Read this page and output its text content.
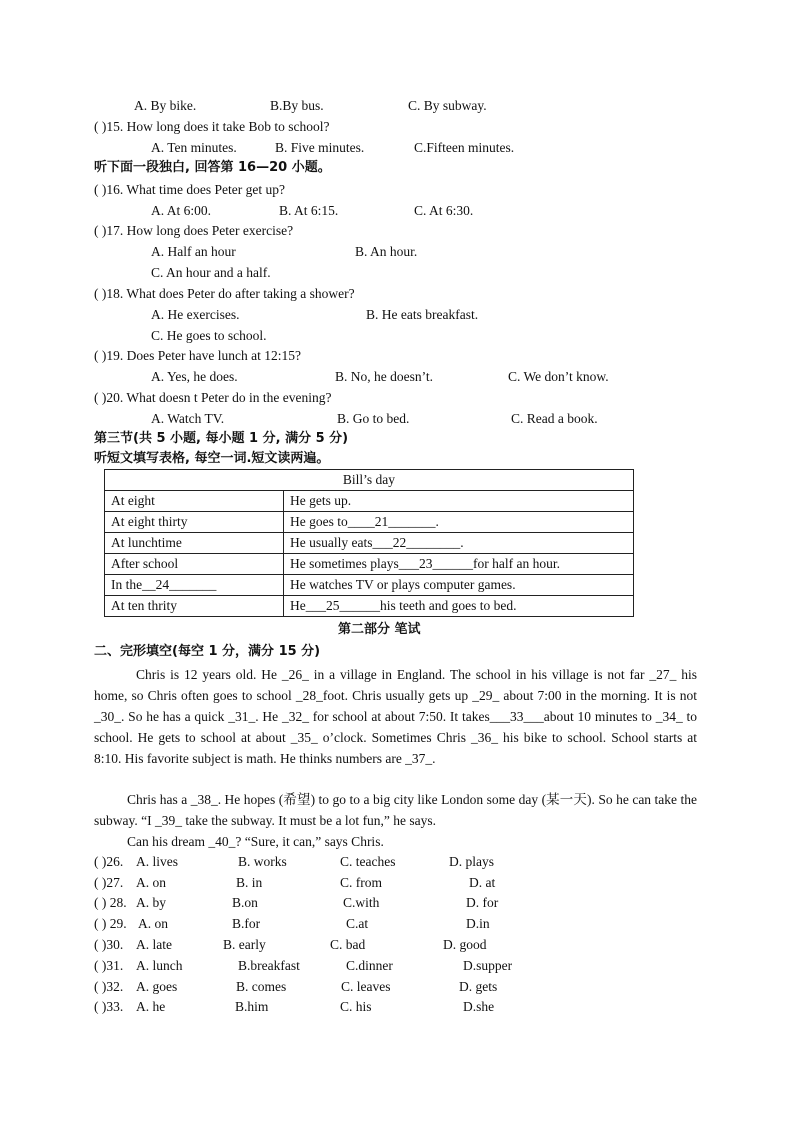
A. By bike.	B.By bus.	C. By subway.
( )15. How long does it take Bob to school?
A. Ten minutes.	B. Five minutes.	C.Fifteen minutes.
听下面一段独白, 回答第 16—20 小题。
( )16. What time does Peter get up?
A. At 6:00.	B. At 6:15.	C. At 6:30.
( )17. How long does Peter exercise?
A. Half an hour	B. An hour.
C. An hour and a half.
( )18. What does Peter do after taking a shower?
A. He exercises.	B. He eats breakfast.
C. He goes to school.
( )19. Does Peter have lunch at 12:15?
A. Yes, he does.	B. No, he doesn’t.	C. We don’t know.
( )20. What doesn t Peter do in the evening?
A. Watch TV.	B. Go to bed.	C. Read a book.
第三节(共 5 小题, 每小题 1 分, 满分 5 分)
听短文填写表格, 每空一词.短文读两遍。
Bill’s day	
At eight	He gets up.
At eight thirty	He goes to____21_______.
At lunchtime	He usually eats___22________.
After school	He sometimes plays___23______for half an hour.
In the__24_______	He watches TV or plays computer games.
At ten thrity	He___25______his teeth and goes to bed.
第二部分 笔试
二、完形填空(每空 1 分，满分 15 分)
Chris is 12 years old. He _26_ in a village in England. The school in his village is not far _27_ his home, so Chris often goes to school _28_foot. Chris usually gets up _29_ about 7:00 in the morning. It is not _30_. So he has a quick _31_. He _32_ for school at about 7:50. It takes___33___about 10 minutes to _34_ to school. He gets to school at about _35_ o’clock. Sometimes Chris _36_ his bike to school. School starts at 8:10. His favorite subject is math. He thinks numbers are _37_.
Chris has a _38_. He hopes (希望) to go to a big city like London some day (某一天). So he can take the subway. “I _39_ take the subway. It must be a lot fun,” he says.
Can his dream _40_? “Sure, it can,” says Chris.
( )26. A. lives	B. works	C. teaches	D. plays
( )27. A. on	B. in	C. from	D. at
( ) 28. A. by	B.on	C.with	D. for
( ) 29. A. on	B.for	C.at	D.in
( )30. A. late	B. early	C. bad	D. good
( )31. A. lunch	B.breakfast	C.dinner	D.supper
( )32. A. goes	B. comes	C. leaves	D. gets
( )33. A. he	B.him	C. his	D.she
